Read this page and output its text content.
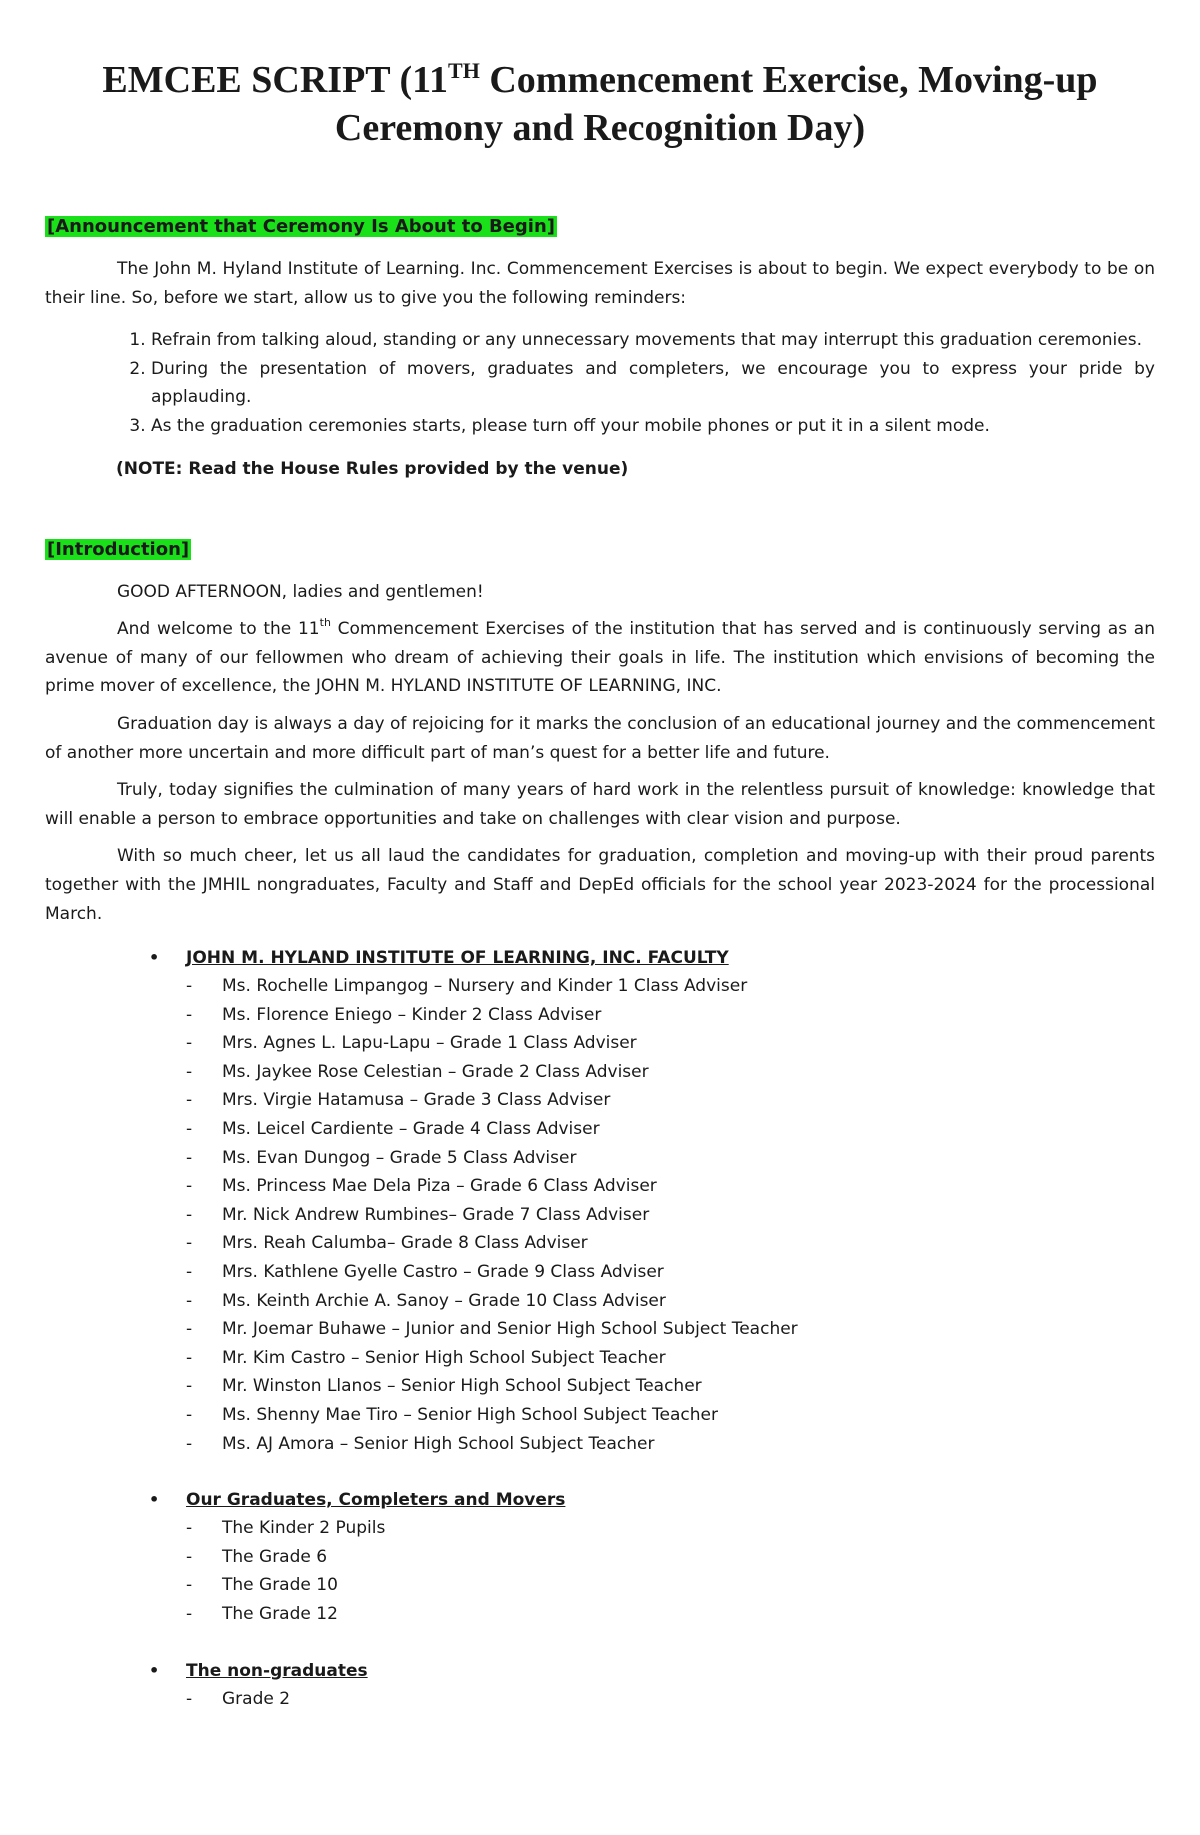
EMCEE SCRIPT (11TH Commencement Exercise, Moving-up
Ceremony and Recognition Day)
[Announcement that Ceremony Is About to Begin]

The John M. Hyland Institute of Learning. Inc. Commencement Exercises is about to begin. We expect everybody to be on their line. So, before we start, allow us to give you the following reminders:

1. Refrain from talking aloud, standing or any unnecessary movements that may interrupt this graduation ceremonies.
2. During the presentation of movers, graduates and completers, we encourage you to express your pride by applauding.
3. As the graduation ceremonies starts, please turn off your mobile phones or put it in a silent mode.
(NOTE: Read the House Rules provided by the venue)
[Introduction]

GOOD AFTERNOON, ladies and gentlemen!

And welcome to the 11th Commencement Exercises of the institution that has served and is continuously serving as an avenue of many of our fellowmen who dream of achieving their goals in life. The institution which envisions of becoming the prime mover of excellence, the JOHN M. HYLAND INSTITUTE OF LEARNING, INC.

Graduation day is always a day of rejoicing for it marks the conclusion of an educational journey and the commencement of another more uncertain and more difficult part of man’s quest for a better life and future.

Truly, today signifies the culmination of many years of hard work in the relentless pursuit of knowledge: knowledge that will enable a person to embrace opportunities and take on challenges with clear vision and purpose.

With so much cheer, let us all laud the candidates for graduation, completion and moving-up with their proud parents together with the JMHIL nongraduates, Faculty and Staff and DepEd officials for the school year 2023-2024 for the processional March.

• JOHN M. HYLAND INSTITUTE OF LEARNING, INC. FACULTY
- Ms. Rochelle Limpangog – Nursery and Kinder 1 Class Adviser
- Ms. Florence Eniego – Kinder 2 Class Adviser
- Mrs. Agnes L. Lapu-Lapu – Grade 1 Class Adviser
- Ms. Jaykee Rose Celestian – Grade 2 Class Adviser
- Mrs. Virgie Hatamusa – Grade 3 Class Adviser
- Ms. Leicel Cardiente – Grade 4 Class Adviser
- Ms. Evan Dungog – Grade 5 Class Adviser
- Ms. Princess Mae Dela Piza – Grade 6 Class Adviser
- Mr. Nick Andrew Rumbines– Grade 7 Class Adviser
- Mrs. Reah Calumba– Grade 8 Class Adviser
- Mrs. Kathlene Gyelle Castro – Grade 9 Class Adviser
- Ms. Keinth Archie A. Sanoy – Grade 10 Class Adviser
- Mr. Joemar Buhawe – Junior and Senior High School Subject Teacher
- Mr. Kim Castro – Senior High School Subject Teacher
- Mr. Winston Llanos – Senior High School Subject Teacher
- Ms. Shenny Mae Tiro – Senior High School Subject Teacher
- Ms. AJ Amora – Senior High School Subject Teacher
• Our Graduates, Completers and Movers
- The Kinder 2 Pupils
- The Grade 6
- The Grade 10
- The Grade 12
• The non-graduates
- Grade 2
